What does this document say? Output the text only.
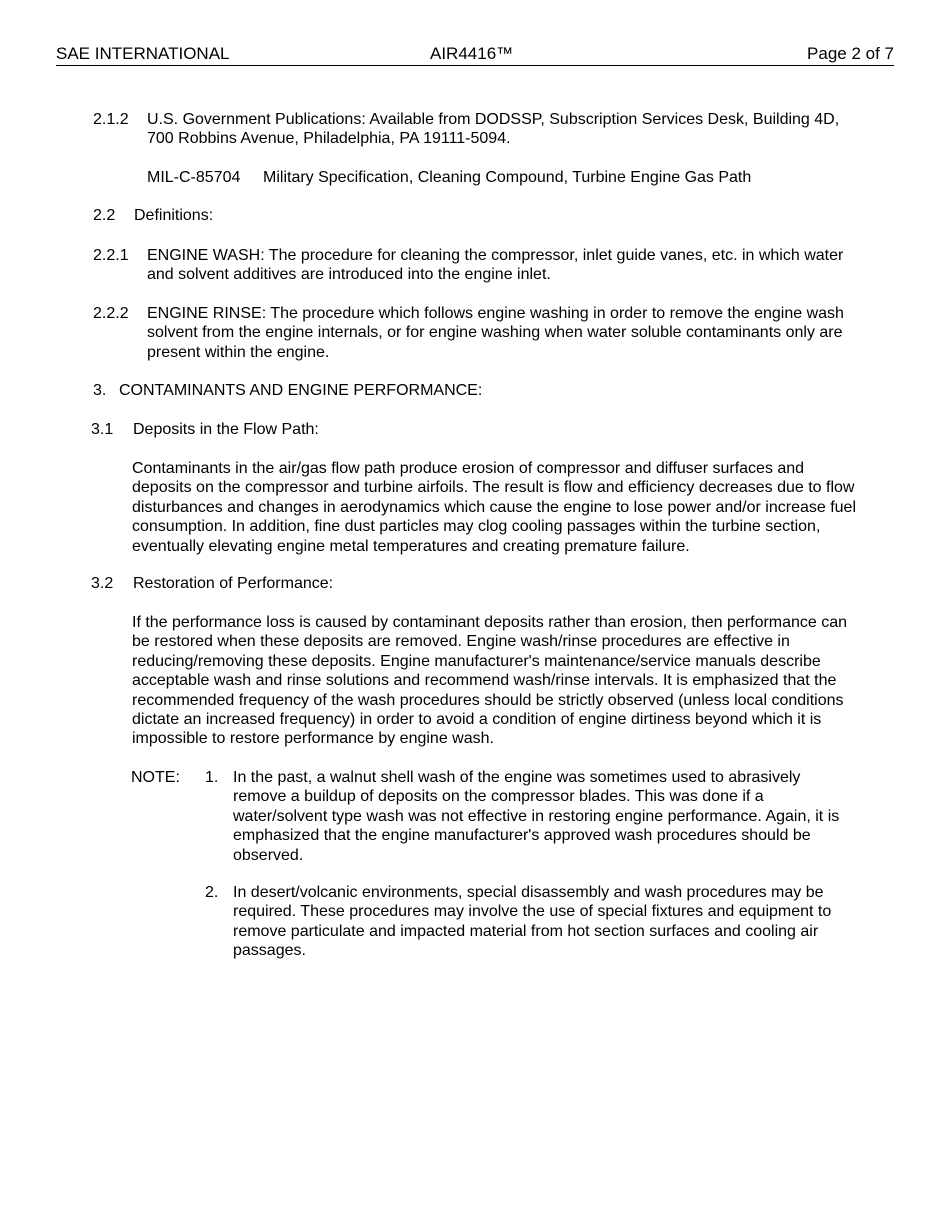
SAE INTERNATIONAL	AIR4416™	Page 2 of 7
2.1.2 U.S. Government Publications: Available from DODSSP, Subscription Services Desk, Building 4D, 700 Robbins Avenue, Philadelphia, PA 19111-5094.

MIL-C-85704 Military Specification, Cleaning Compound, Turbine Engine Gas Path
2.2 Definitions:
2.2.1 ENGINE WASH: The procedure for cleaning the compressor, inlet guide vanes, etc. in which water and solvent additives are introduced into the engine inlet.

2.2.2 ENGINE RINSE: The procedure which follows engine washing in order to remove the engine wash solvent from the engine internals, or for engine washing when water soluble contaminants only are present within the engine.

3. CONTAMINANTS AND ENGINE PERFORMANCE:
3.1 Deposits in the Flow Path:

Contaminants in the air/gas flow path produce erosion of compressor and diffuser surfaces and deposits on the compressor and turbine airfoils. The result is flow and efficiency decreases due to flow disturbances and changes in aerodynamics which cause the engine to lose power and/or increase fuel consumption. In addition, fine dust particles may clog cooling passages within the turbine section, eventually elevating engine metal temperatures and creating premature failure.

3.2 Restoration of Performance:

If the performance loss is caused by contaminant deposits rather than erosion, then performance can be restored when these deposits are removed. Engine wash/rinse procedures are effective in reducing/removing these deposits. Engine manufacturer's maintenance/service manuals describe acceptable wash and rinse solutions and recommend wash/rinse intervals. It is emphasized that the recommended frequency of the wash procedures should be strictly observed (unless local conditions dictate an increased frequency) in order to avoid a condition of engine dirtiness beyond which it is impossible to restore performance by engine wash.

NOTE: 1. In the past, a walnut shell wash of the engine was sometimes used to abrasively remove a buildup of deposits on the compressor blades. This was done if a water/solvent type wash was not effective in restoring engine performance. Again, it is emphasized that the engine manufacturer's approved wash procedures should be observed.

2. In desert/volcanic environments, special disassembly and wash procedures may be required. These procedures may involve the use of special fixtures and equipment to remove particulate and impacted material from hot section surfaces and cooling air passages.
